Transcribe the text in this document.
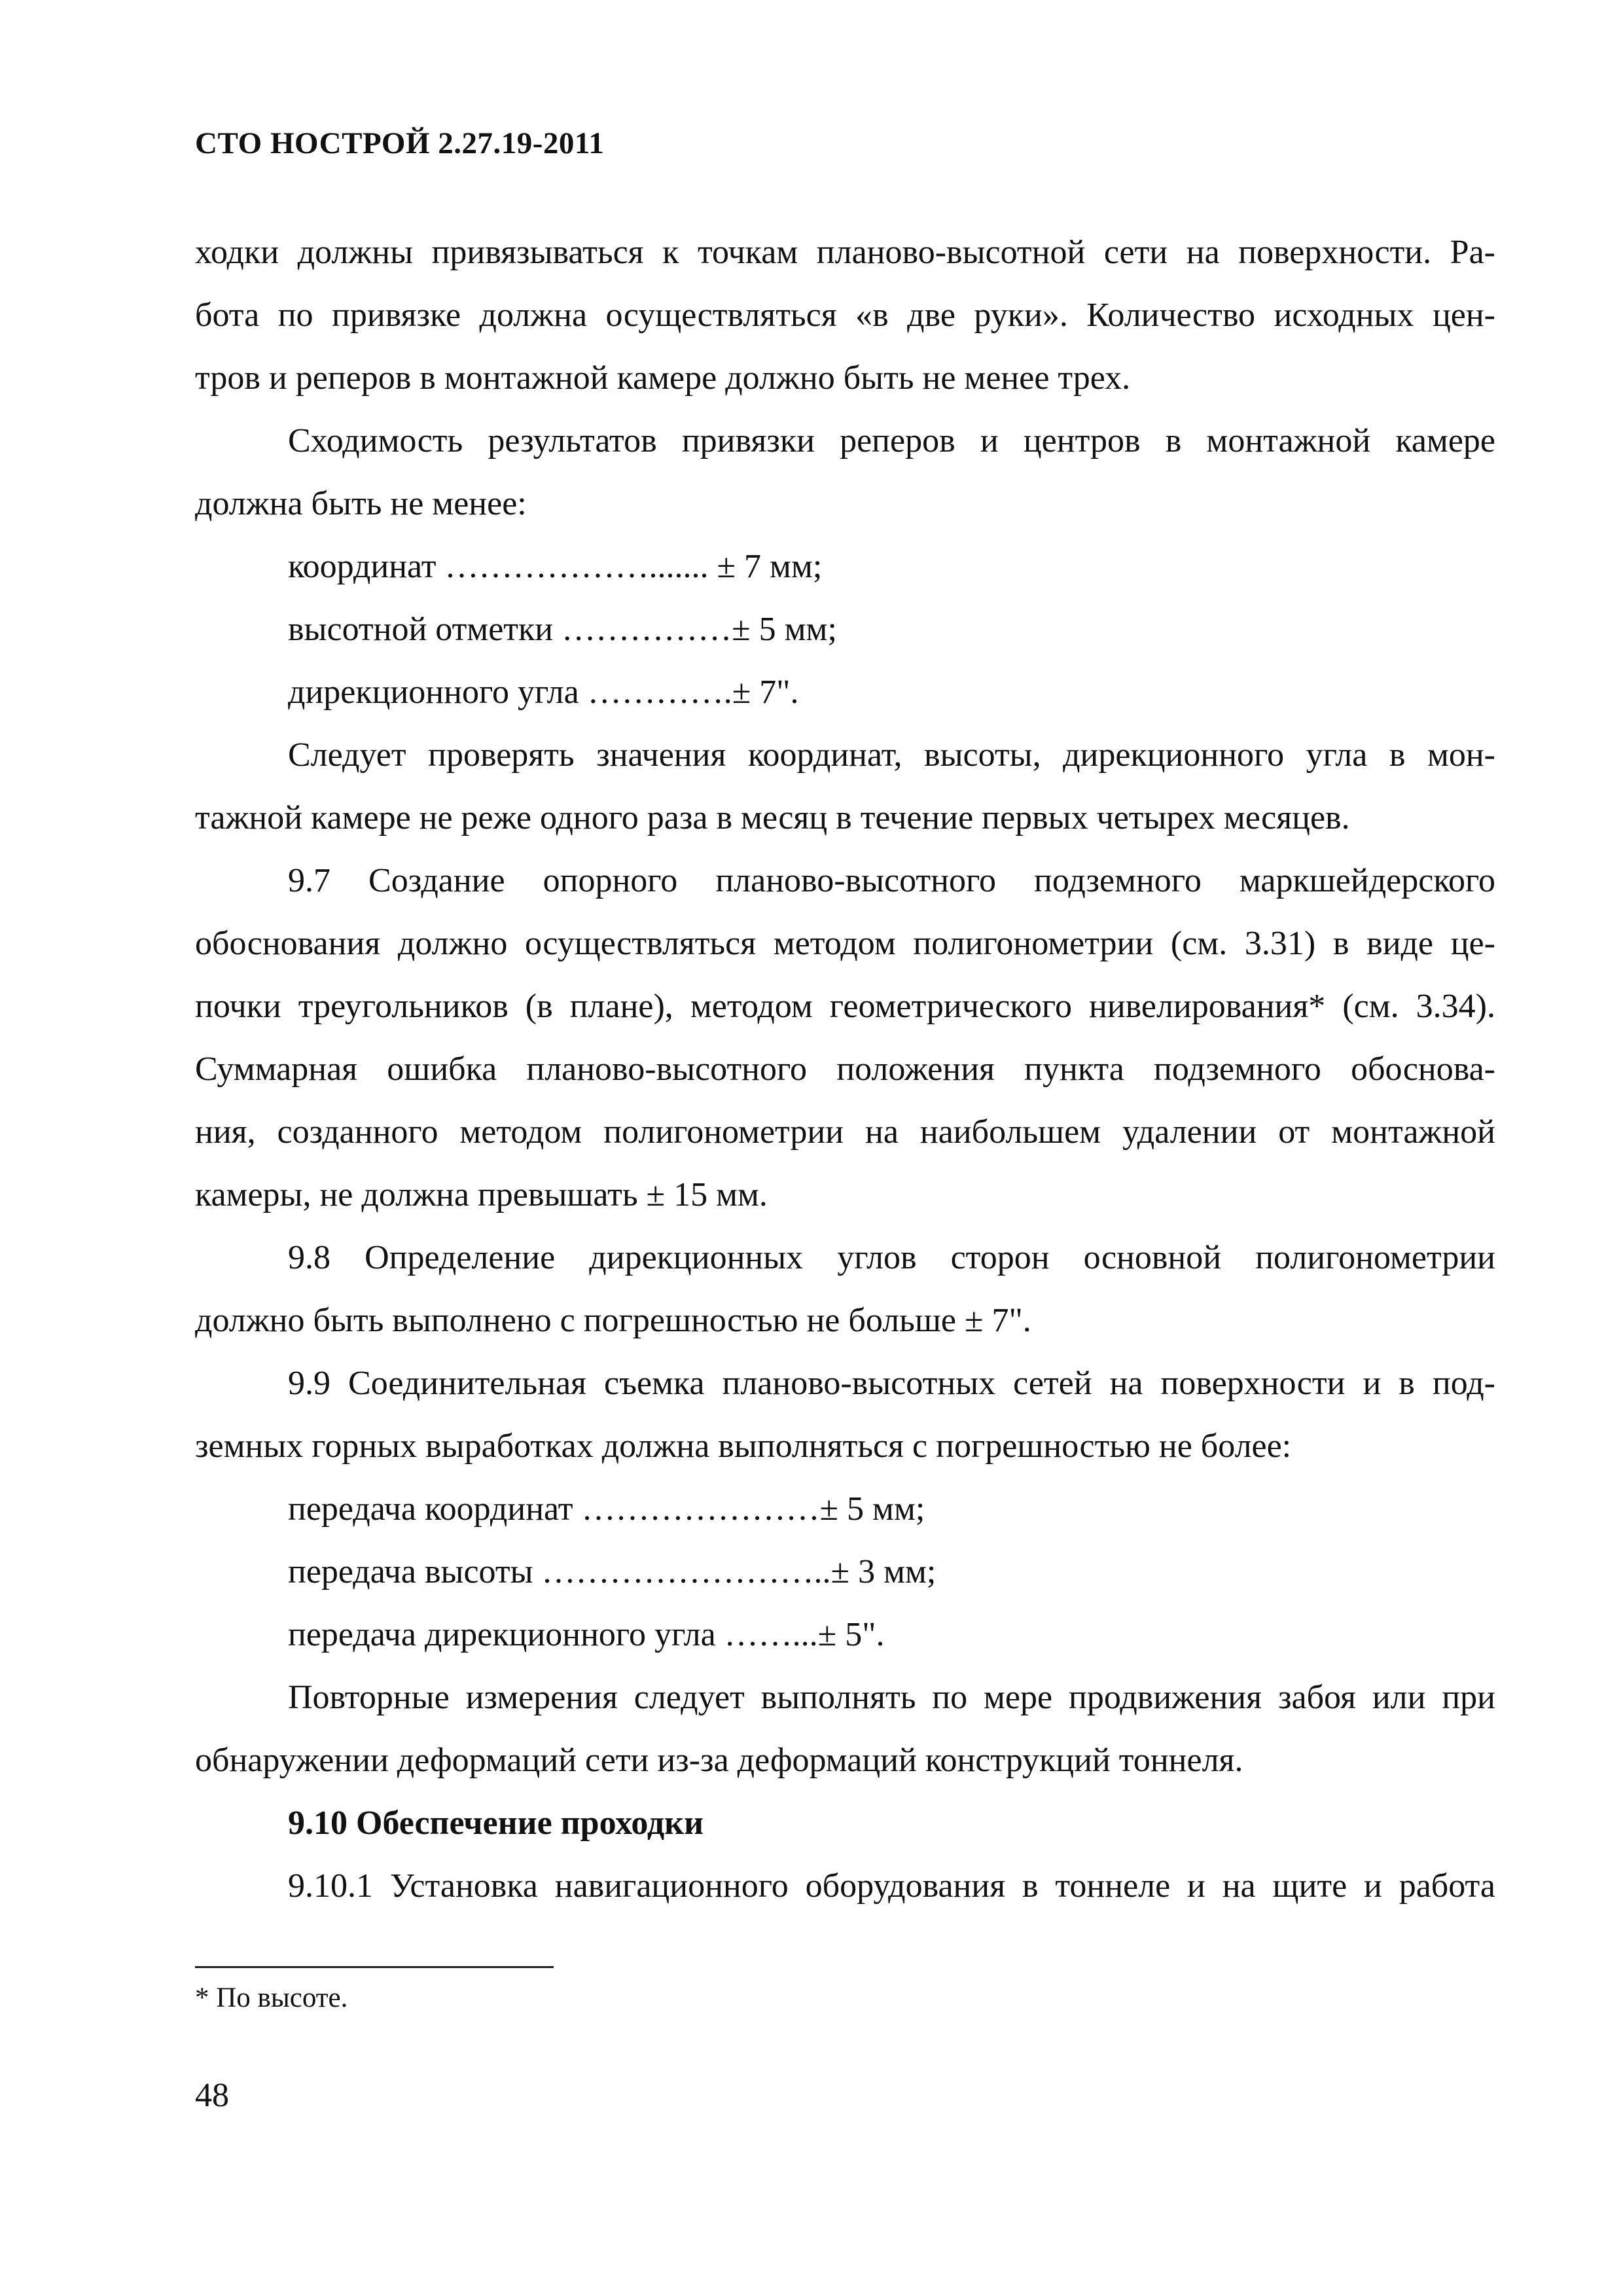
СТО НОСТРОЙ 2.27.19-2011

ходки должны привязываться к точкам планово-высотной сети на поверхности. Ра-

бота по привязке должна осуществляться «в две руки». Количество исходных цен-

тров и реперов в монтажной камере должно быть не менее трех.

Сходимость результатов привязки реперов и центров в монтажной камере

должна быть не менее:

координат ………………....... ± 7 мм;

высотной отметки ……………± 5 мм;

дирекционного угла ………….± 7".

Следует проверять значения координат, высоты, дирекционного угла в мон-

тажной камере не реже одного раза в месяц в течение первых четырех месяцев.

9.7 Создание опорного планово-высотного подземного маркшейдерского

обоснования должно осуществляться методом полигонометрии (см. 3.31) в виде це-

почки треугольников (в плане), методом геометрического нивелирования* (см. 3.34).

Суммарная ошибка планово-высотного положения пункта подземного обоснова-

ния, созданного методом полигонометрии на наибольшем удалении от монтажной

камеры, не должна превышать ± 15 мм.

9.8 Определение дирекционных углов сторон основной полигонометрии

должно быть выполнено с погрешностью не больше ± 7".

9.9 Соединительная съемка планово-высотных сетей на поверхности и в под-

земных горных выработках должна выполняться с погрешностью не более:

передача координат …………………± 5 мм;

передача высоты ……………………..± 3 мм;

передача дирекционного угла ……...± 5".

Повторные измерения следует выполнять по мере продвижения забоя или при

обнаружении деформаций сети из-за деформаций конструкций тоннеля.

9.10 Обеспечение проходки

9.10.1 Установка навигационного оборудования в тоннеле и на щите и работа

* По высоте.
48
